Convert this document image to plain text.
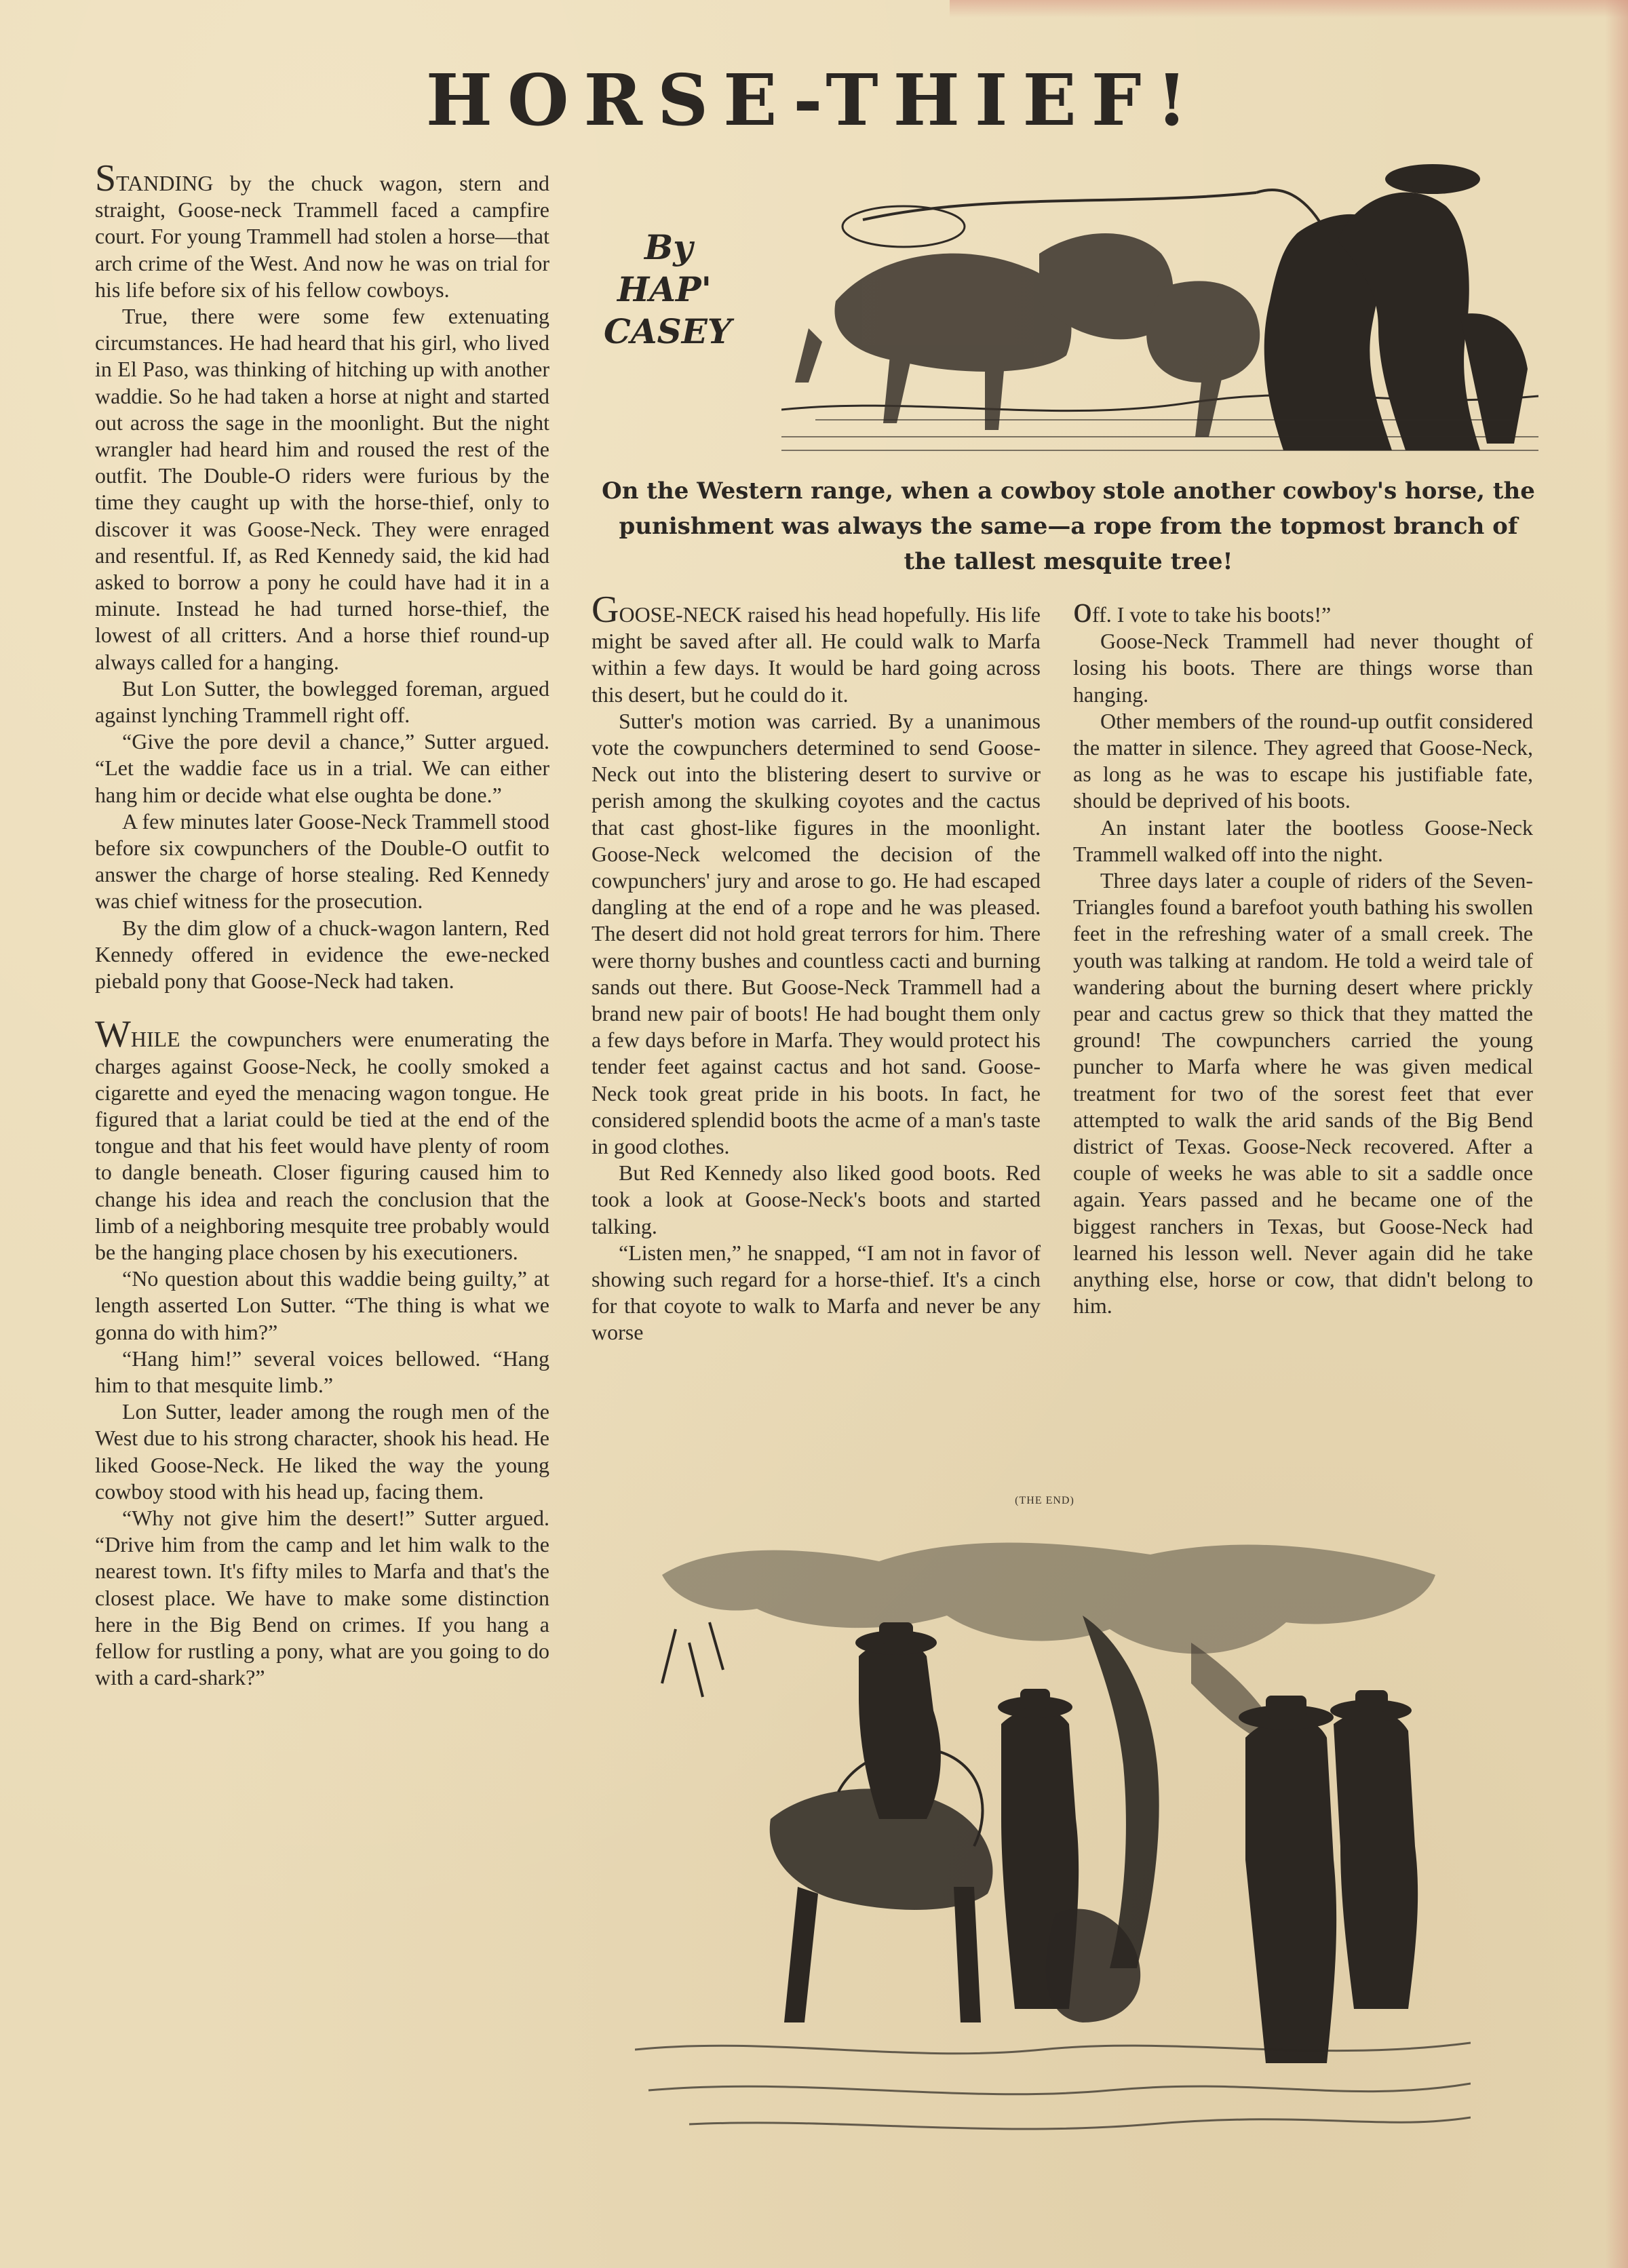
HORSE-THIEF!

STANDING by the chuck wagon, stern and straight, Goose-neck Trammell faced a campfire court. For young Trammell had stolen a horse—that arch crime of the West. And now he was on trial for his life before six of his fellow cowboys.

True, there were some few extenuating circumstances. He had heard that his girl, who lived in El Paso, was thinking of hitching up with another waddie. So he had taken a horse at night and started out across the sage in the moonlight. But the night wrangler had heard him and roused the rest of the outfit. The Double-O riders were furious by the time they caught up with the horse-thief, only to discover it was Goose-Neck. They were enraged and resentful. If, as Red Kennedy said, the kid had asked to borrow a pony he could have had it in a minute. Instead he had turned horse-thief, the lowest of all critters. And a horse thief round-up always called for a hanging.

But Lon Sutter, the bowlegged foreman, argued against lynching Trammell right off.

“Give the pore devil a chance,” Sutter argued. “Let the waddie face us in a trial. We can either hang him or decide what else oughta be done.”

A few minutes later Goose-Neck Trammell stood before six cowpunchers of the Double-O outfit to answer the charge of horse stealing. Red Kennedy was chief witness for the prosecution.

By the dim glow of a chuck-wagon lantern, Red Kennedy offered in evidence the ewe-necked piebald pony that Goose-Neck had taken.

WHILE the cowpunchers were enumerating the charges against Goose-Neck, he coolly smoked a cigarette and eyed the menacing wagon tongue. He figured that a lariat could be tied at the end of the tongue and that his feet would have plenty of room to dangle beneath. Closer figuring caused him to change his idea and reach the conclusion that the limb of a neighboring mesquite tree probably would be the hanging place chosen by his executioners.

“No question about this waddie being guilty,” at length asserted Lon Sutter. “The thing is what we gonna do with him?”

“Hang him!” several voices bellowed. “Hang him to that mesquite limb.”

Lon Sutter, leader among the rough men of the West due to his strong character, shook his head. He liked Goose-Neck. He liked the way the young cowboy stood with his head up, facing them.

“Why not give him the desert!” Sutter argued. “Drive him from the camp and let him walk to the nearest town. It's fifty miles to Marfa and that's the closest place. We have to make some distinction here in the Big Bend on crimes. If you hang a fellow for rustling a pony, what are you going to do with a card-shark?”

By
HAP'
CASEY
On the Western range, when a cowboy stole another cowboy's horse, the punishment was always the same—a rope from the topmost branch of the tallest mesquite tree!

GOOSE-NECK raised his head hopefully. His life might be saved after all. He could walk to Marfa within a few days. It would be hard going across this desert, but he could do it.

Sutter's motion was carried. By a unanimous vote the cowpunchers determined to send Goose-Neck out into the blistering desert to survive or perish among the skulking coyotes and the cactus that cast ghost-like figures in the moonlight. Goose-Neck welcomed the decision of the cowpunchers' jury and arose to go. He had escaped dangling at the end of a rope and he was pleased. The desert did not hold great terrors for him. There were thorny bushes and countless cacti and burning sands out there. But Goose-Neck Trammell had a brand new pair of boots! He had bought them only a few days before in Marfa. They would protect his tender feet against cactus and hot sand. Goose-Neck took great pride in his boots. In fact, he considered splendid boots the acme of a man's taste in good clothes.

But Red Kennedy also liked good boots. Red took a look at Goose-Neck's boots and started talking.

“Listen men,” he snapped, “I am not in favor of showing such regard for a horse-thief. It's a cinch for that coyote to walk to Marfa and never be any worse

off. I vote to take his boots!”

Goose-Neck Trammell had never thought of losing his boots. There are things worse than hanging.

Other members of the round-up outfit considered the matter in silence. They agreed that Goose-Neck, as long as he was to escape his justifiable fate, should be deprived of his boots.

An instant later the bootless Goose-Neck Trammell walked off into the night.

Three days later a couple of riders of the Seven-Triangles found a barefoot youth bathing his swollen feet in the refreshing water of a small creek. The youth was talking at random. He told a weird tale of wandering about the burning desert where prickly pear and cactus grew so thick that they matted the ground! The cowpunchers carried the young puncher to Marfa where he was given medical treatment for two of the sorest feet that ever attempted to walk the arid sands of the Big Bend district of Texas. Goose-Neck recovered. After a couple of weeks he was able to sit a saddle once again. Years passed and he became one of the biggest ranchers in Texas, but Goose-Neck had learned his lesson well. Never again did he take anything else, horse or cow, that didn't belong to him.

(THE END)
